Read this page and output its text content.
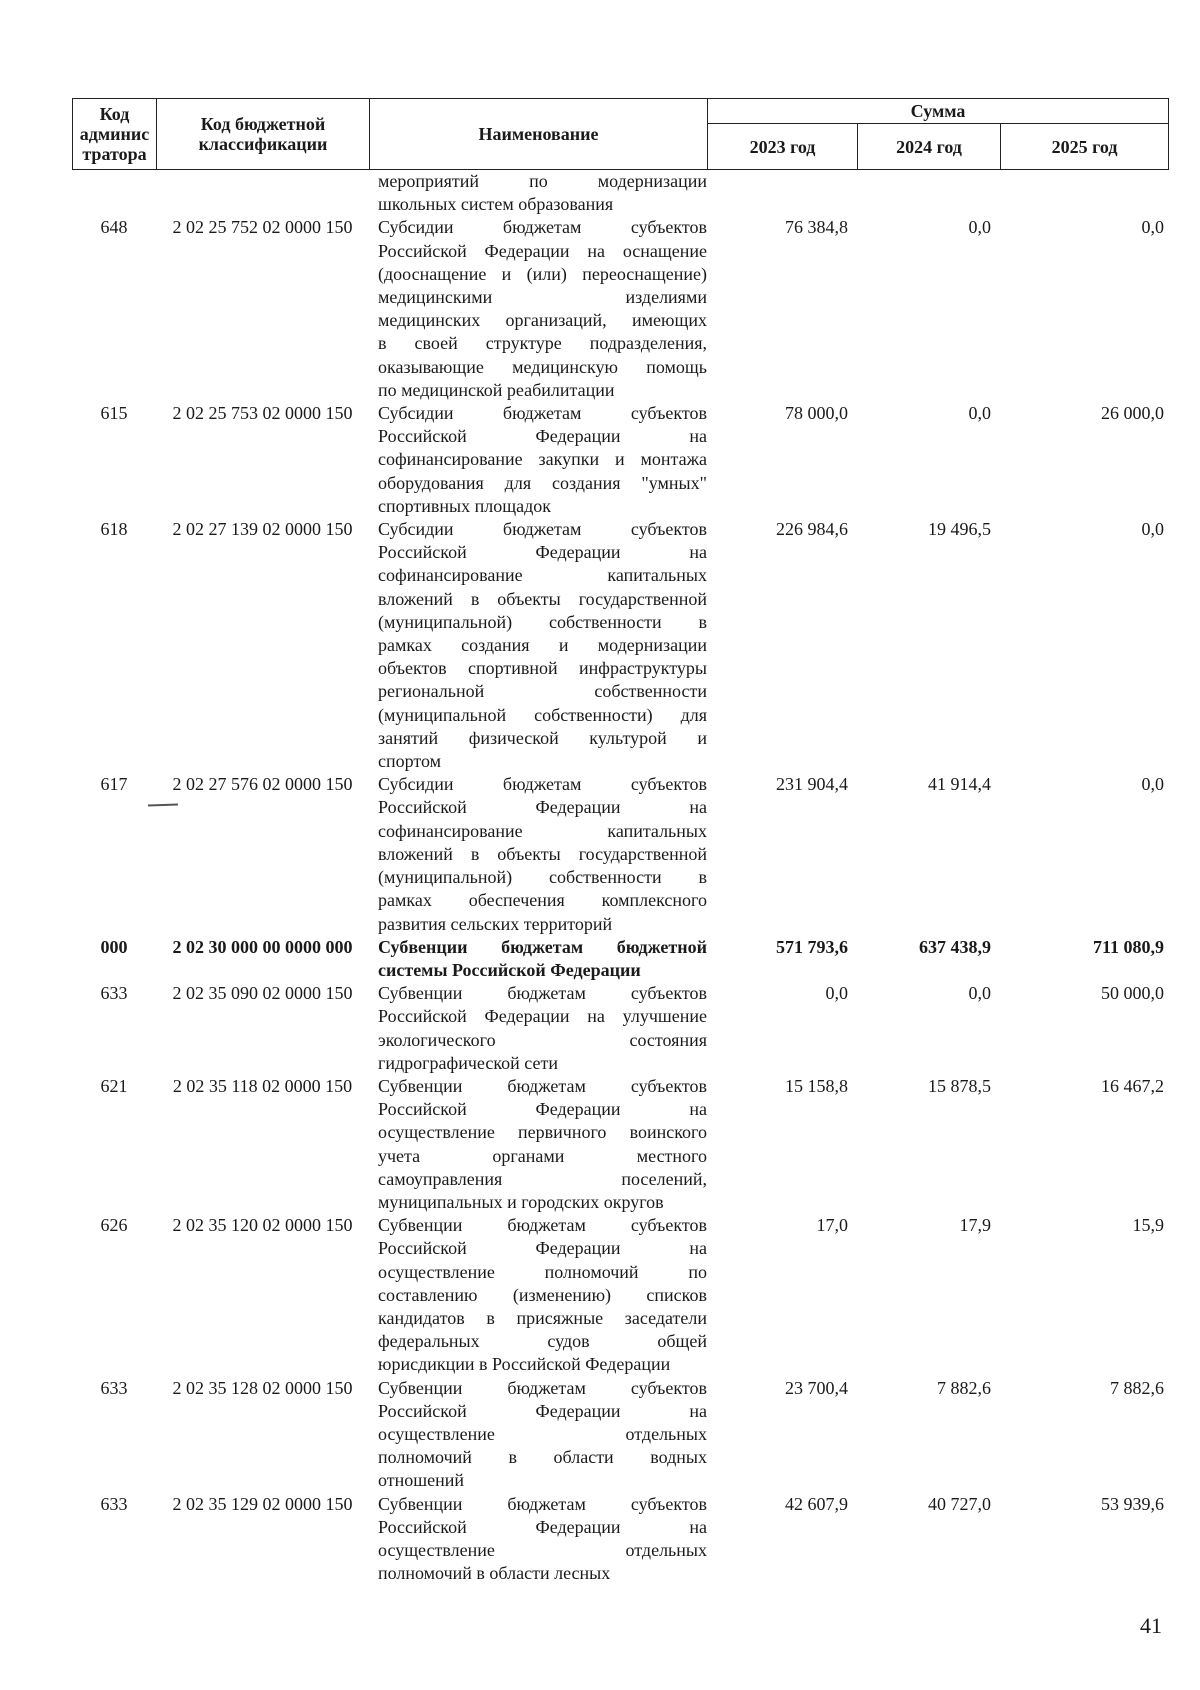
Код админис тратора	Код бюджетной классификации	Наименование	Сумма		
			2023 год	2024 год	2025 год
мероприятий по модернизации
школьных систем образования
648	2 02 25 752 02 0000 150	Субсидии бюджетам субъектов
Российской Федерации на оснащение
(дооснащение и (или) переоснащение)
медицинскими изделиями
медицинских организаций, имеющих
в своей структуре подразделения,
оказывающие медицинскую помощь
по медицинской реабилитации
76 384,8	0,0	0,0
615	2 02 25 753 02 0000 150	Субсидии бюджетам субъектов
Российской Федерации на
софинансирование закупки и монтажа
оборудования для создания "умных"
спортивных площадок
78 000,0	0,0	26 000,0
618	2 02 27 139 02 0000 150	Субсидии бюджетам субъектов
Российской Федерации на
софинансирование капитальных
вложений в объекты государственной
(муниципальной) собственности в
рамках создания и модернизации
объектов спортивной инфраструктуры
региональной собственности
(муниципальной собственности) для
занятий физической культурой и
спортом
226 984,6	19 496,5	0,0
617	2 02 27 576 02 0000 150	Субсидии бюджетам субъектов
Российской Федерации на
софинансирование капитальных
вложений в объекты государственной
(муниципальной) собственности в
рамках обеспечения комплексного
развития сельских территорий
231 904,4	41 914,4	0,0
000	2 02 30 000 00 0000 000	Субвенции бюджетам бюджетной
системы Российской Федерации
571 793,6	637 438,9	711 080,9
633	2 02 35 090 02 0000 150	Субвенции бюджетам субъектов
Российской Федерации на улучшение
экологического состояния
гидрографической сети
0,0	0,0	50 000,0
621	2 02 35 118 02 0000 150	Субвенции бюджетам субъектов
Российской Федерации на
осуществление первичного воинского
учета органами местного
самоуправления поселений,
муниципальных и городских округов
15 158,8	15 878,5	16 467,2
626	2 02 35 120 02 0000 150	Субвенции бюджетам субъектов
Российской Федерации на
осуществление полномочий по
составлению (изменению) списков
кандидатов в присяжные заседатели
федеральных судов общей
юрисдикции в Российской Федерации
17,0	17,9	15,9
633	2 02 35 128 02 0000 150	Субвенции бюджетам субъектов
Российской Федерации на
осуществление отдельных
полномочий в области водных
отношений
23 700,4	7 882,6	7 882,6
633	2 02 35 129 02 0000 150	Субвенции бюджетам субъектов
Российской Федерации на
осуществление отдельных
полномочий в области лесных
42 607,9	40 727,0	53 939,6
41
